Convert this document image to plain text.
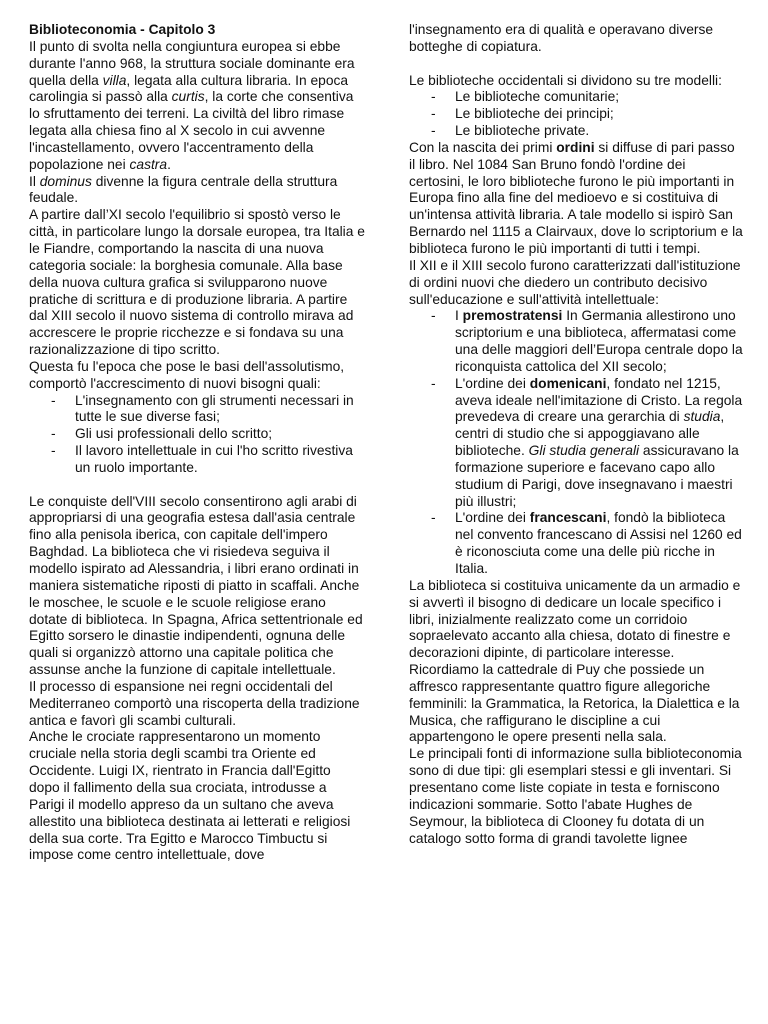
Biblioteconomia - Capitolo 3

Il punto di svolta nella congiuntura europea si ebbe durante l'anno 968, la struttura sociale dominante era quella della villa, legata alla cultura libraria. In epoca carolingia si passò alla curtis, la corte che consentiva lo sfruttamento dei terreni. La civiltà del libro rimase legata alla chiesa fino al X secolo in cui avvenne l'incastellamento, ovvero l'accentramento della popolazione nei castra.

Il dominus divenne la figura centrale della struttura feudale.

A partire dall’XI secolo l'equilibrio si spostò verso le città, in particolare lungo la dorsale europea, tra Italia e le Fiandre, comportando la nascita di una nuova categoria sociale: la borghesia comunale. Alla base della nuova cultura grafica si svilupparono nuove pratiche di scrittura e di produzione libraria. A partire dal XIII secolo il nuovo sistema di controllo mirava ad accrescere le proprie ricchezze e si fondava su una razionalizzazione di tipo scritto.

Questa fu l'epoca che pose le basi dell'assolutismo, comportò l'accrescimento di nuovi bisogni quali:

- L'insegnamento con gli strumenti necessari in tutte le sue diverse fasi;
- Gli usi professionali dello scritto;
- Il lavoro intellettuale in cui l'ho scritto rivestiva un ruolo importante.

Le conquiste dell'VIII secolo consentirono agli arabi di appropriarsi di una geografia estesa dall'asia centrale fino alla penisola iberica, con capitale dell'impero Baghdad. La biblioteca che vi risiedeva seguiva il modello ispirato ad Alessandria, i libri erano ordinati in maniera sistematiche riposti di piatto in scaffali. Anche le moschee, le scuole e le scuole religiose erano dotate di biblioteca. In Spagna, Africa settentrionale ed Egitto sorsero le dinastie indipendenti, ognuna delle quali si organizzò attorno una capitale politica che assunse anche la funzione di capitale intellettuale.

Il processo di espansione nei regni occidentali del Mediterraneo comportò una riscoperta della tradizione antica e favorì gli scambi culturali.

Anche le crociate rappresentarono un momento cruciale nella storia degli scambi tra Oriente ed Occidente. Luigi IX, rientrato in Francia dall'Egitto dopo il fallimento della sua crociata, introdusse a Parigi il modello appreso da un sultano che aveva allestito una biblioteca destinata ai letterati e religiosi della sua corte. Tra Egitto e Marocco Timbuctu si impose come centro intellettuale, dove

l'insegnamento era di qualità e operavano diverse botteghe di copiatura.

Le biblioteche occidentali si dividono su tre modelli:

- Le biblioteche comunitarie;
- Le biblioteche dei principi;
- Le biblioteche private.

Con la nascita dei primi ordini si diffuse di pari passo il libro. Nel 1084 San Bruno fondò l'ordine dei certosini, le loro biblioteche furono le più importanti in Europa fino alla fine del medioevo e si costituiva di un'intensa attività libraria. A tale modello si ispirò San Bernardo nel 1115 a Clairvaux, dove lo scriptorium e la biblioteca furono le più importanti di tutti i tempi.

Il XII e il XIII secolo furono caratterizzati dall'istituzione di ordini nuovi che diedero un contributo decisivo sull'educazione e sull'attività intellettuale:

- I premostratensi In Germania allestirono uno scriptorium e una biblioteca, affermatasi come una delle maggiori dell’Europa centrale dopo la riconquista cattolica del XII secolo;
- L'ordine dei domenicani, fondato nel 1215, aveva ideale nell'imitazione di Cristo. La regola prevedeva di creare una gerarchia di studia, centri di studio che si appoggiavano alle biblioteche. Gli studia generali assicuravano la formazione superiore e facevano capo allo studium di Parigi, dove insegnavano i maestri più illustri;
- L'ordine dei francescani, fondò la biblioteca nel convento francescano di Assisi nel 1260 ed è riconosciuta come una delle più ricche in Italia.

La biblioteca si costituiva unicamente da un armadio e si avvertì il bisogno di dedicare un locale specifico i libri, inizialmente realizzato come un corridoio sopraelevato accanto alla chiesa, dotato di finestre e decorazioni dipinte, di particolare interesse. Ricordiamo la cattedrale di Puy che possiede un affresco rappresentante quattro figure allegoriche femminili: la Grammatica, la Retorica, la Dialettica e la Musica, che raffigurano le discipline a cui appartengono le opere presenti nella sala.

Le principali fonti di informazione sulla biblioteconomia sono di due tipi: gli esemplari stessi e gli inventari. Si presentano come liste copiate in testa e forniscono indicazioni sommarie. Sotto l'abate Hughes de Seymour, la biblioteca di Clooney fu dotata di un catalogo sotto forma di grandi tavolette lignee
